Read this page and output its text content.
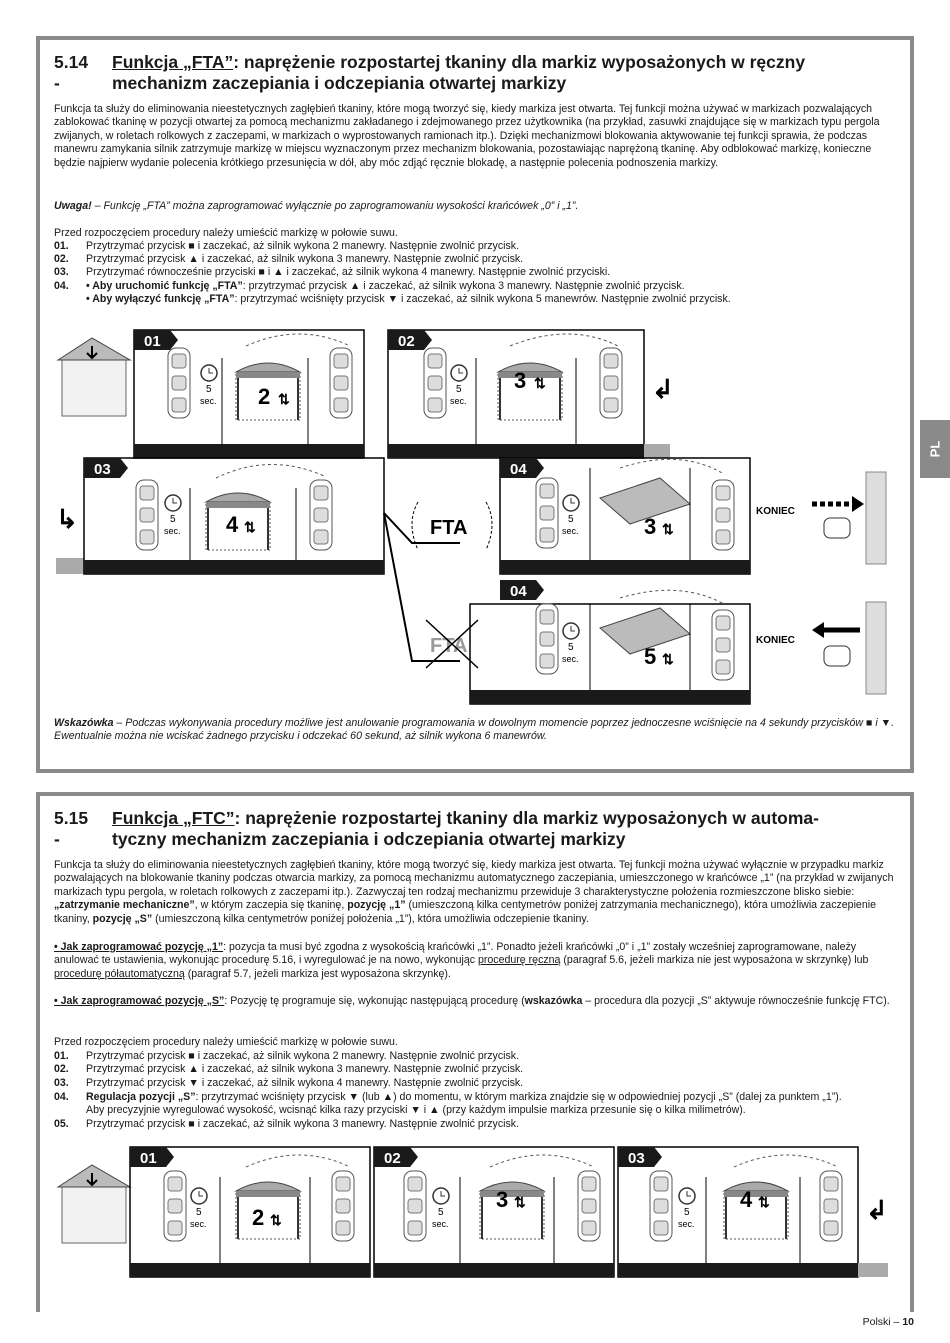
5.14 -
Funkcja „FTA”: naprężenie rozpostartej tkaniny dla markiz wyposażonych w ręczny
mechanizm zaczepiania i odczepiania otwartej markizy

Funkcja ta służy do eliminowania nieestetycznych zagłębień tkaniny, które mogą tworzyć się, kiedy markiza jest otwarta. Tej funkcji można używać w markizach pozwalających zablokować tkaninę w pozycji otwartej za pomocą mechanizmu zakładanego i zdejmowanego przez użytkownika (na przykład, zasuwki znajdujące się w markizach typu pergola zwijanych, w roletach rolkowych z zaczepami, w markizach o wyprostowanych ramionach itp.). Dzięki mechanizmowi blokowania aktywowanie tej funkcji sprawia, że podczas manewru zamykania silnik zatrzymuje markizę w miejscu wyznaczonym przez mechanizm blokowania, pozostawiając naprężoną tkaninę. Aby odblokować markizę, konieczne będzie najpierw wydanie polecenia krótkiego przesunięcia w dół, aby móc zdjąć ręcznie blokadę, a następnie polecenia podnoszenia markizy.

Uwaga! – Funkcję „FTA” można zaprogramować wyłącznie po zaprogramowaniu wysokości krańcówek „0” i „1”.

Przed rozpoczęciem procedury należy umieścić markizę w połowie suwu.

01. Przytrzymać przycisk ■ i zaczekać, aż silnik wykona 2 manewry. Następnie zwolnić przycisk.

02. Przytrzymać przycisk ▲ i zaczekać, aż silnik wykona 3 manewry. Następnie zwolnić przycisk.

03. Przytrzymać równocześnie przyciski ■ i ▲ i zaczekać, aż silnik wykona 4 manewry. Następnie zwolnić przyciski.

04. • Aby uruchomić funkcję „FTA”: przytrzymać przycisk ▲ i zaczekać, aż silnik wykona 3 manewry. Następnie zwolnić przycisk.

• Aby wyłączyć funkcję „FTA”: przytrzymać wciśnięty przycisk ▼ i zaczekać, aż silnik wykona 5 manewrów. Następnie zwolnić przycisk.

01
5
sec. 2 ⇅
02
5
sec.
3 ⇅	↲
↳
03
5
sec. 4 ⇅	FTA
FTA
04
5
sec.	3 ⇅
KONIEC
04
5
sec.	5 ⇅
KONIEC

Wskazówka – Podczas wykonywania procedury możliwe jest anulowanie programowania w dowolnym momencie poprzez jednoczesne wciśnięcie na 4 sekundy przycisków ■ i ▼. Ewentualnie można nie wciskać żadnego przycisku i odczekać 60 sekund, aż silnik wykona 6 manewrów.

5.15 -
Funkcja „FTC”: naprężenie rozpostartej tkaniny dla markiz wyposażonych w automa-
tyczny mechanizm zaczepiania i odczepiania otwartej markizy

Funkcja ta służy do eliminowania nieestetycznych zagłębień tkaniny, które mogą tworzyć się, kiedy markiza jest otwarta. Tej funkcji można używać wyłącznie w przypadku markiz pozwalających na blokowanie tkaniny podczas otwarcia markizy, za pomocą mechanizmu automatycznego zaczepiania, umieszczonego w krańcówce „1” (na przykład w zwijanych markizach typu pergola, w roletach rolkowych z zaczepami itp.). Zazwyczaj ten rodzaj mechanizmu przewiduje 3 charakterystyczne położenia rozmieszczone blisko siebie: „zatrzymanie mechaniczne”, w którym zaczepia się tkaninę, pozycję „1” (umieszczoną kilka centymetrów poniżej zatrzymania mechanicznego), która umożliwia zaczepienie tkaniny, pozycję „S” (umieszczoną kilka centymetrów poniżej położenia „1”), która umożliwia odczepienie tkaniny.

• Jak zaprogramować pozycję „1”: pozycja ta musi być zgodna z wysokością krańcówki „1”. Ponadto jeżeli krańcówki „0” i „1” zostały wcześniej zaprogramowane, należy anulować te ustawienia, wykonując procedurę 5.16, i wyregulować je na nowo, wykonując procedurę ręczną (paragraf 5.6, jeżeli markiza nie jest wyposażona w skrzynkę) lub procedurę półautomatyczną (paragraf 5.7, jeżeli markiza jest wyposażona skrzynkę).

• Jak zaprogramować pozycję „S”: Pozycję tę programuje się, wykonując następującą procedurę (wskazówka – procedura dla pozycji „S” aktywuje równocześnie funkcję FTC).

Przed rozpoczęciem procedury należy umieścić markizę w połowie suwu.

01. Przytrzymać przycisk ■ i zaczekać, aż silnik wykona 2 manewry. Następnie zwolnić przycisk.

02. Przytrzymać przycisk ▲ i zaczekać, aż silnik wykona 3 manewry. Następnie zwolnić przycisk.

03. Przytrzymać przycisk ▼ i zaczekać, aż silnik wykona 4 manewry. Następnie zwolnić przycisk.

04. Regulacja pozycji „S”: przytrzymać wciśnięty przycisk ▼ (lub ▲) do momentu, w którym markiza znajdzie się w odpowiedniej pozycji „S” (dalej za punktem „1”).

Aby precyzyjnie wyregulować wysokość, wcisnąć kilka razy przyciski ▼ i ▲ (przy każdym impulsie markiza przesunie się o kilka milimetrów).

05. Przytrzymać przycisk ■ i zaczekać, aż silnik wykona 3 manewry. Następnie zwolnić przycisk.

01
5
sec. 2 ⇅
02
5
sec.
3 ⇅
03
5
sec.
4 ⇅	↲
PL
Polski – 10
